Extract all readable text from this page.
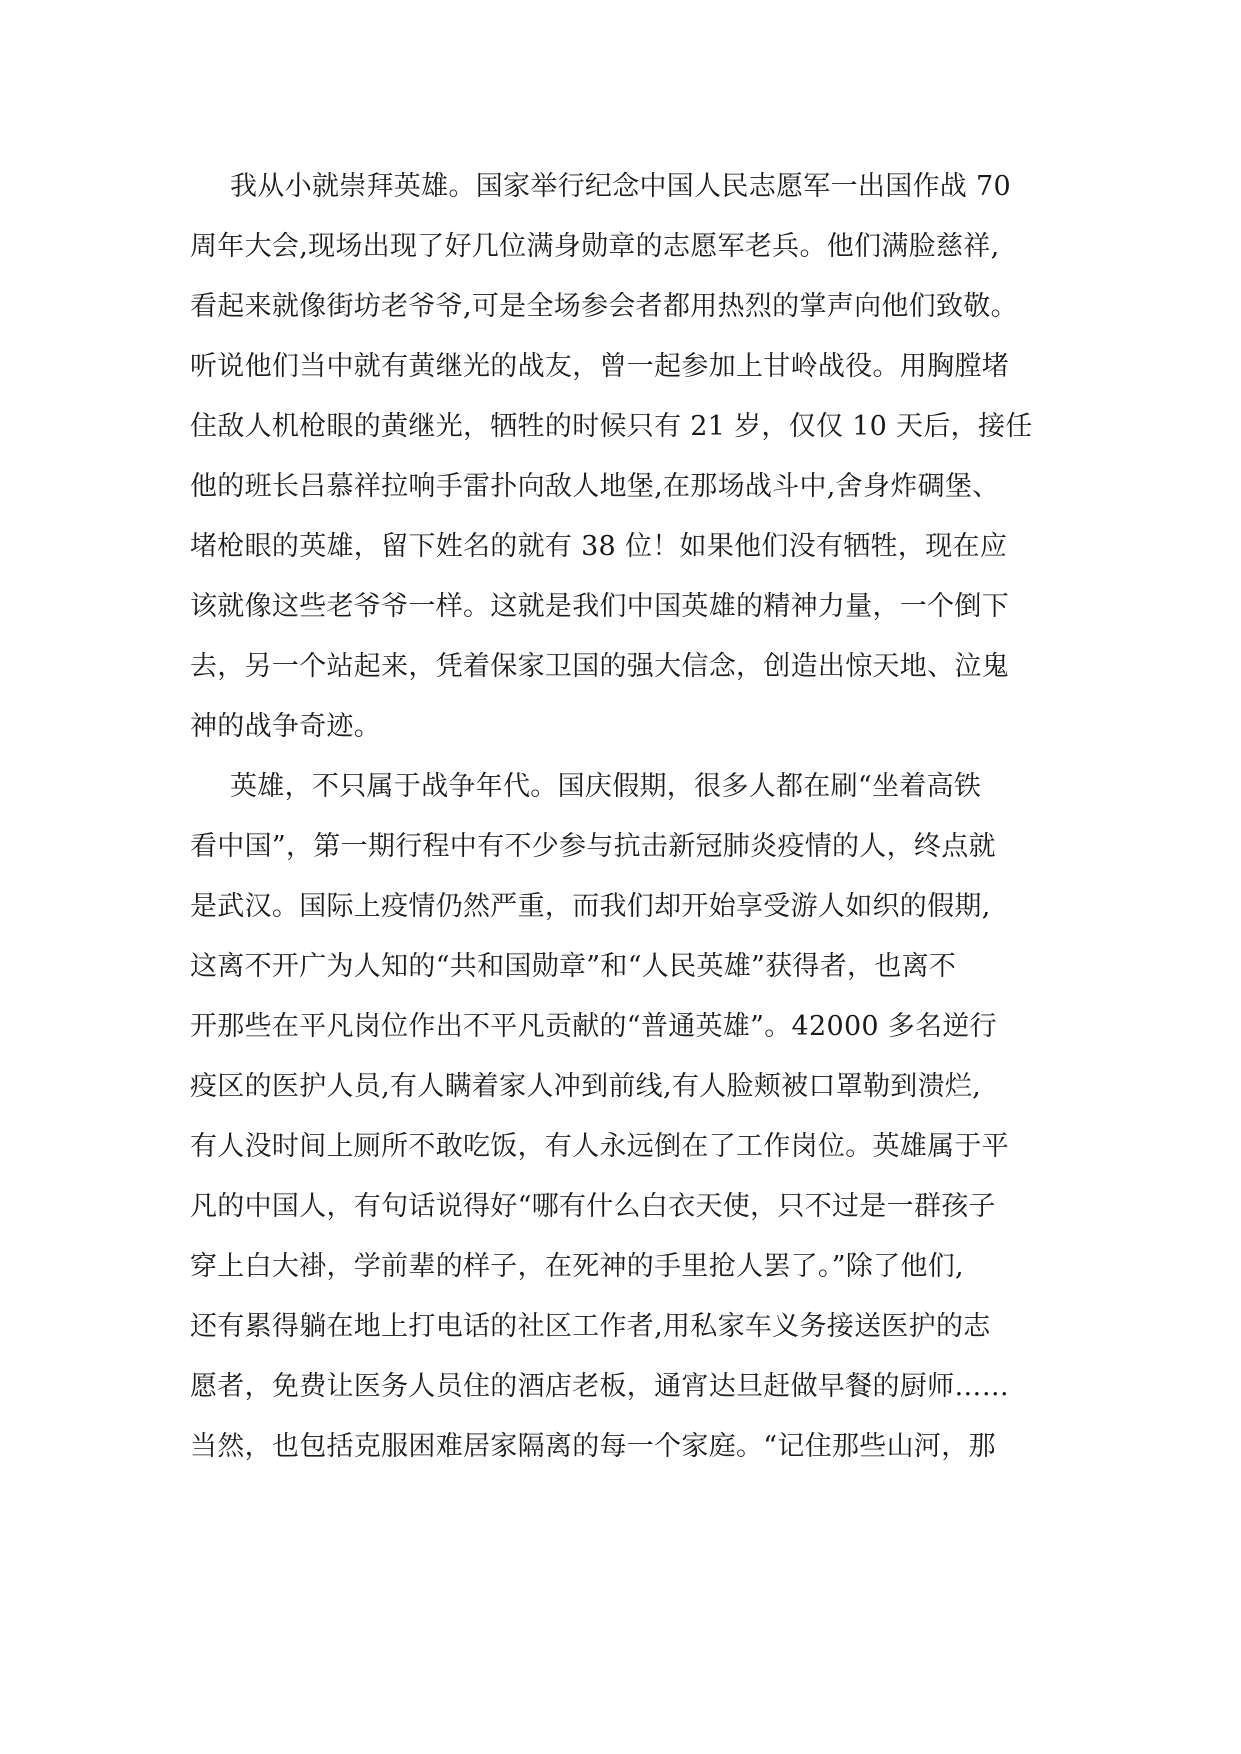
我从小就崇拜英雄。国家举行纪念中国人民志愿军一出国作战 70
周年大会,现场出现了好几位满身勋章的志愿军老兵。他们满脸慈祥,
看起来就像街坊老爷爷,可是全场参会者都用热烈的掌声向他们致敬。
听说他们当中就有黄继光的战友，曾一起参加上甘岭战役。用胸膛堵
住敌人机枪眼的黄继光，牺牲的时候只有 21 岁，仅仅 10 天后，接任
他的班长吕慕祥拉响手雷扑向敌人地堡,在那场战斗中,舍身炸碉堡、
堵枪眼的英雄，留下姓名的就有 38 位！如果他们没有牺牲，现在应
该就像这些老爷爷一样。这就是我们中国英雄的精神力量，一个倒下
去，另一个站起来，凭着保家卫国的强大信念，创造出惊天地、泣鬼
神的战争奇迹。
英雄，不只属于战争年代。国庆假期，很多人都在刷“坐着高铁
看中国”，第一期行程中有不少参与抗击新冠肺炎疫情的人，终点就
是武汉。国际上疫情仍然严重，而我们却开始享受游人如织的假期,
这离不开广为人知的“共和国勋章”和“人民英雄”获得者，也离不
开那些在平凡岗位作出不平凡贡献的“普通英雄”。42000 多名逆行
疫区的医护人员,有人瞒着家人冲到前线,有人脸颊被口罩勒到溃烂,
有人没时间上厕所不敢吃饭，有人永远倒在了工作岗位。英雄属于平
凡的中国人，有句话说得好“哪有什么白衣天使，只不过是一群孩子
穿上白大褂，学前辈的样子，在死神的手里抢人罢了。”除了他们,
还有累得躺在地上打电话的社区工作者,用私家车义务接送医护的志
愿者，免费让医务人员住的酒店老板，通宵达旦赶做早餐的厨师……
当然，也包括克服困难居家隔离的每一个家庭。“记住那些山河，那
